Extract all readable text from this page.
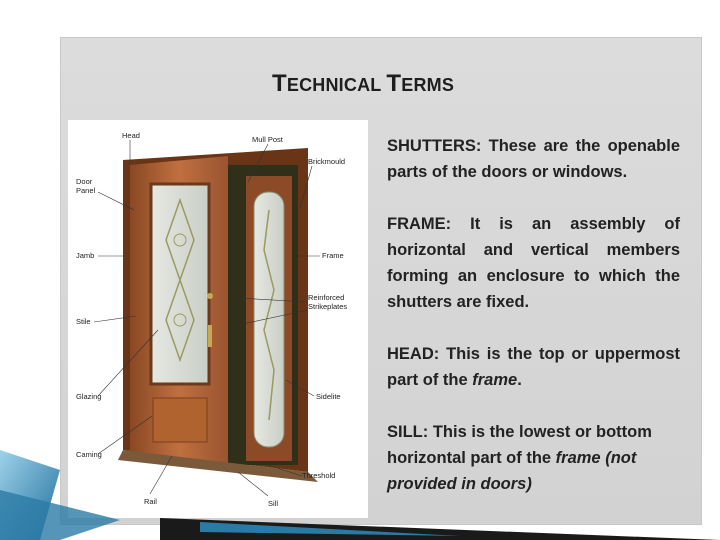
TECHNICAL TERMS
Head	Mull Post
Brickmould
Door
Panel
Jamb	Frame
Stile
Reinforced
Strikeplates
Glazing	Sidelite
Caming
Threshold
Rail	Sill

SHUTTERS: These are the openable parts of the doors or windows.

FRAME: It is an assembly of horizontal and vertical members forming an enclosure to which the shutters are fixed.

HEAD: This is the top or uppermost part of the frame.

SILL: This is the lowest or bottom horizontal part of the frame (not provided in doors)
